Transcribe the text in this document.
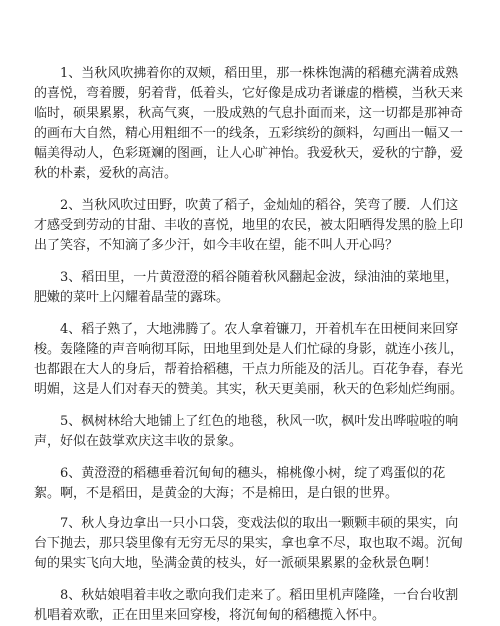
1、当秋风吹拂着你的双颊，稻田里，那一株株饱满的稻穗充满着成熟的喜悦，弯着腰，躬着背，低着头，它好像是成功者谦虚的楷模，当秋天来临时，硕果累累，秋高气爽，一股成熟的气息扑面而来，这一切都是那神奇的画布大自然，精心用粗细不一的线条，五彩缤纷的颜料，勾画出一幅又一幅美得动人，色彩斑斓的图画，让人心旷神怡。我爱秋天，爱秋的宁静，爱秋的朴素，爱秋的高洁。

2、当秋风吹过田野，吹黄了稻子，金灿灿的稻谷，笑弯了腰．人们这才感受到劳动的甘甜、丰收的喜悦，地里的农民，被太阳晒得发黑的脸上印出了笑容，不知滴了多少汗，如今丰收在望，能不叫人开心吗？

3、稻田里，一片黄澄澄的稻谷随着秋风翻起金波，绿油油的菜地里，肥嫩的菜叶上闪耀着晶莹的露珠。

4、稻子熟了，大地沸腾了。农人拿着镰刀，开着机车在田梗间来回穿梭。轰隆隆的声音响彻耳际，田地里到处是人们忙碌的身影，就连小孩儿，也都跟在大人的身后，帮着拾稻穗，干点力所能及的活儿。百花争春，春光明媚，这是人们对春天的赞美。其实，秋天更美丽，秋天的色彩灿烂绚丽。

5、枫树林给大地铺上了红色的地毯，秋风一吹，枫叶发出哗啦啦的响声，好似在鼓掌欢庆这丰收的景象。

6、黄澄澄的稻穗垂着沉甸甸的穗头，棉桃像小树，绽了鸡蛋似的花絮。啊，不是稻田，是黄金的大海；不是棉田，是白银的世界。

7、秋人身边拿出一只小口袋，变戏法似的取出一颗颗丰硕的果实，向台下抛去，那只袋里像有无穷无尽的果实，拿也拿不尽，取也取不竭。沉甸甸的果实飞向大地，坠满金黄的枝头，好一派硕果累累的金秋景色啊！

8、秋姑娘唱着丰收之歌向我们走来了。稻田里机声隆隆，一台台收割机唱着欢歌，正在田里来回穿梭，将沉甸甸的稻穗揽入怀中。
